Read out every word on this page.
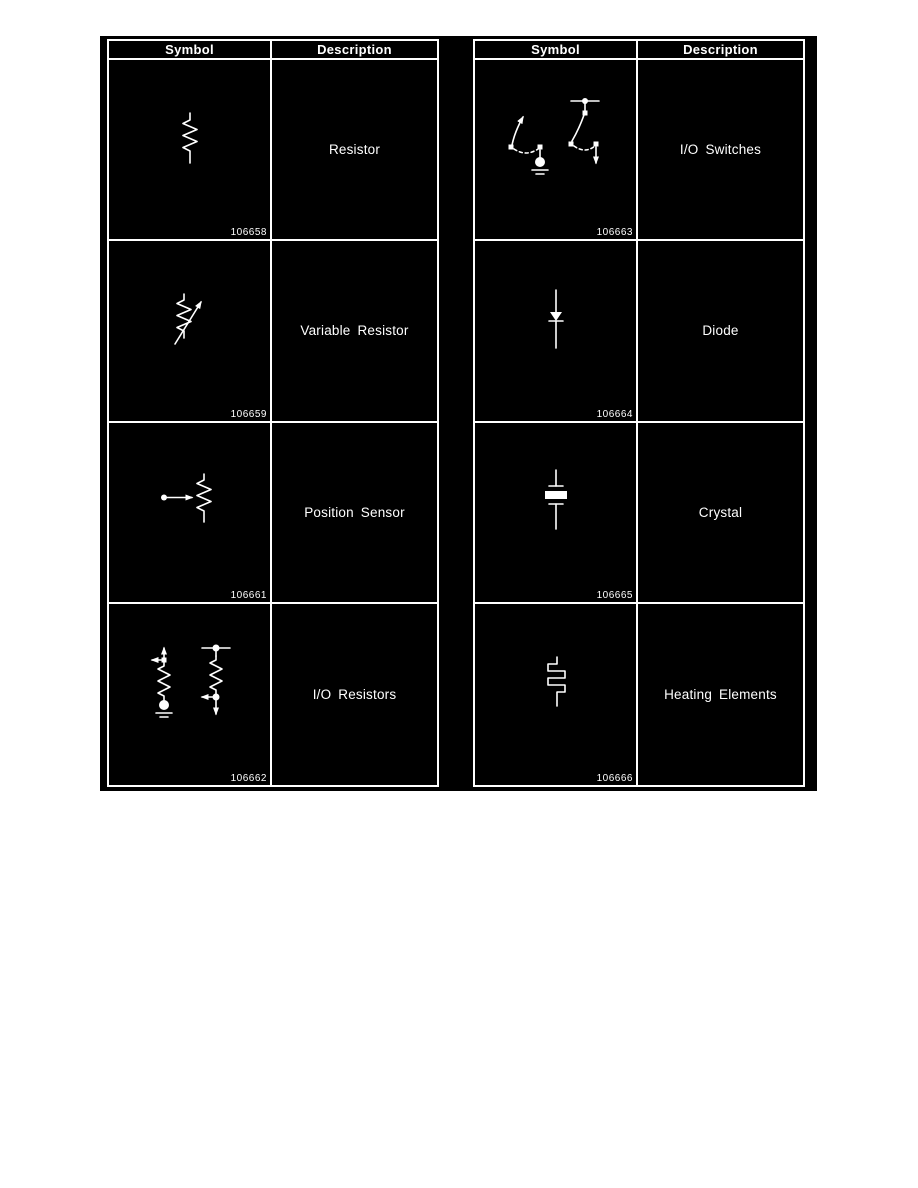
Symbol	Description
106658
Resistor
106659
Variable Resistor
106661
Position Sensor
106662
I/O Resistors
Symbol	Description
106663
I/O Switches
106664
Diode
106665
Crystal
106666
Heating Elements
